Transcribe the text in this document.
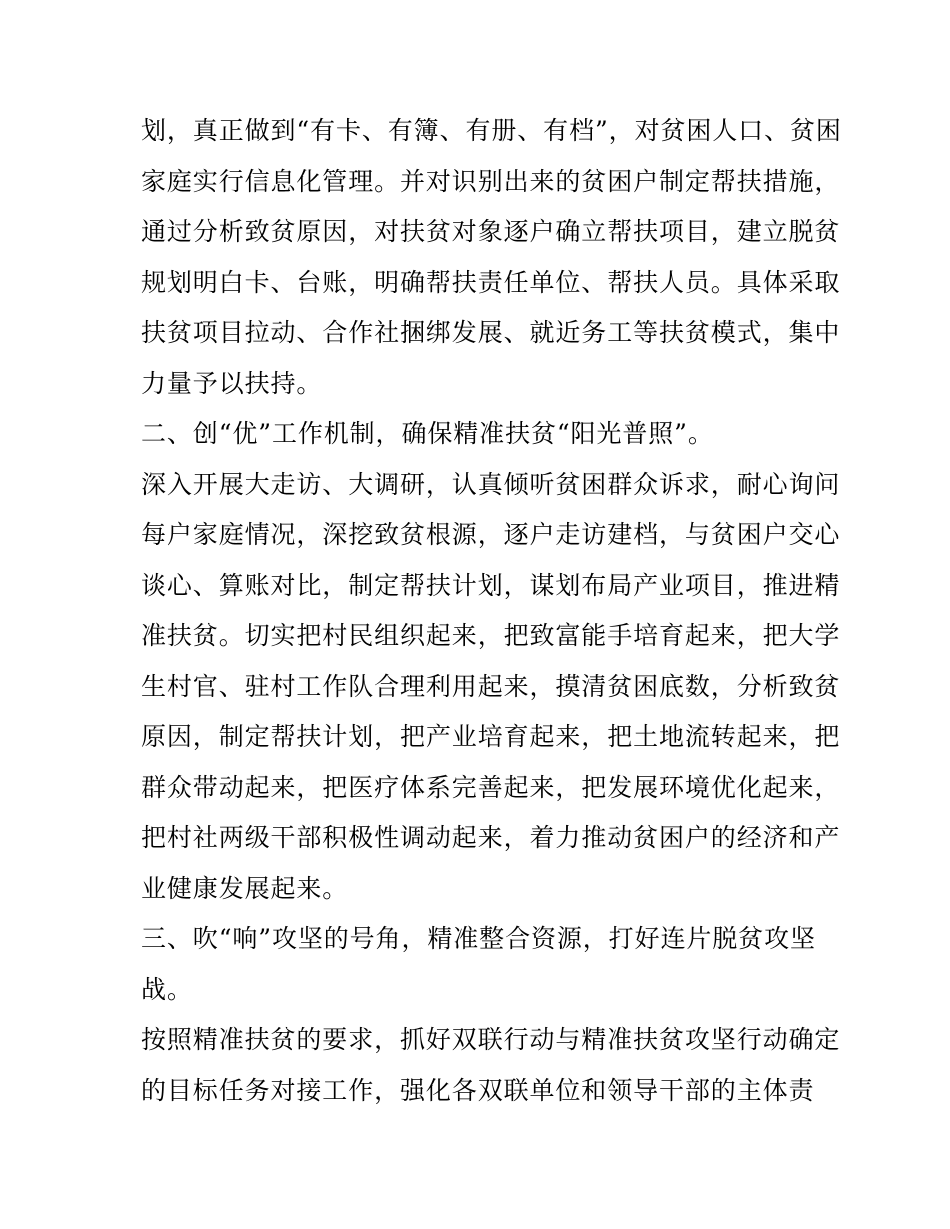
划，真正做到“有卡、有簿、有册、有档”，对贫困人口、贫困
家庭实行信息化管理。并对识别出来的贫困户制定帮扶措施，
通过分析致贫原因，对扶贫对象逐户确立帮扶项目，建立脱贫
规划明白卡、台账，明确帮扶责任单位、帮扶人员。具体采取
扶贫项目拉动、合作社捆绑发展、就近务工等扶贫模式，集中
力量予以扶持。
二、创“优”工作机制，确保精准扶贫“阳光普照”。
深入开展大走访、大调研，认真倾听贫困群众诉求，耐心询问
每户家庭情况，深挖致贫根源，逐户走访建档，与贫困户交心
谈心、算账对比，制定帮扶计划，谋划布局产业项目，推进精
准扶贫。切实把村民组织起来，把致富能手培育起来，把大学
生村官、驻村工作队合理利用起来，摸清贫困底数，分析致贫
原因，制定帮扶计划，把产业培育起来，把土地流转起来，把
群众带动起来，把医疗体系完善起来，把发展环境优化起来，
把村社两级干部积极性调动起来，着力推动贫困户的经济和产
业健康发展起来。
三、吹“响”攻坚的号角，精准整合资源，打好连片脱贫攻坚
战。
按照精准扶贫的要求，抓好双联行动与精准扶贫攻坚行动确定
的目标任务对接工作，强化各双联单位和领导干部的主体责
